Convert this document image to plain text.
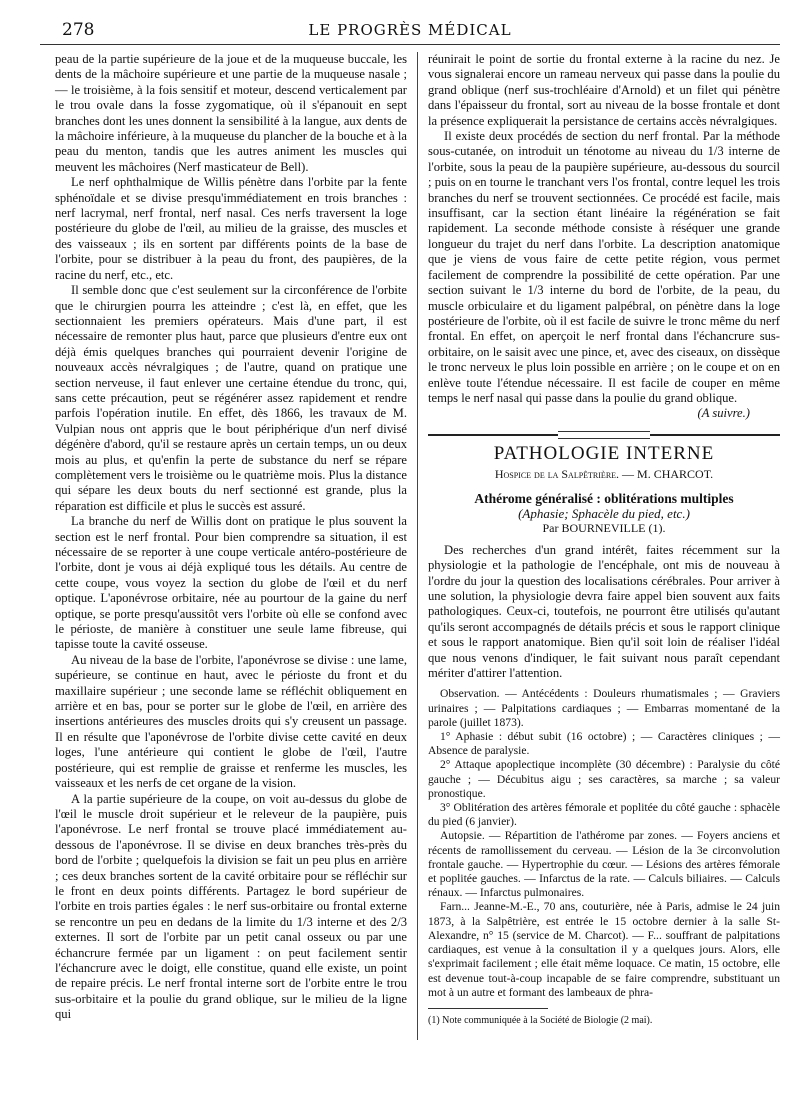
278	LE PROGRÈS MÉDICAL

peau de la partie supérieure de la joue et de la muqueuse buccale, les dents de la mâchoire supérieure et une partie de la muqueuse nasale ; — le troisième, à la fois sensitif et moteur, descend verticalement par le trou ovale dans la fosse zygomatique, où il s'épanouit en sept branches dont les unes donnent la sensibilité à la langue, aux dents de la mâchoire inférieure, à la muqueuse du plancher de la bouche et à la peau du menton, tandis que les autres animent les muscles qui meuvent les mâchoires (Nerf masticateur de Bell).

Le nerf ophthalmique de Willis pénètre dans l'orbite par la fente sphénoïdale et se divise presqu'immédiatement en trois branches : nerf lacrymal, nerf frontal, nerf nasal. Ces nerfs traversent la loge postérieure du globe de l'œil, au milieu de la graisse, des muscles et des vaisseaux ; ils en sortent par différents points de la base de l'orbite, pour se distribuer à la peau du front, des paupières, de la racine du nerf, etc., etc.

Il semble donc que c'est seulement sur la circonférence de l'orbite que le chirurgien pourra les atteindre ; c'est là, en effet, que les sectionnaient les premiers opérateurs. Mais d'une part, il est nécessaire de remonter plus haut, parce que plusieurs d'entre eux ont déjà émis quelques branches qui pourraient devenir l'origine de nouveaux accès névralgiques ; de l'autre, quand on pratique une section nerveuse, il faut enlever une certaine étendue du tronc, qui, sans cette précaution, peut se régénérer assez rapidement et rendre parfois l'opération inutile. En effet, dès 1866, les travaux de M. Vulpian nous ont appris que le bout périphérique d'un nerf divisé dégénère d'abord, qu'il se restaure après un certain temps, un ou deux mois au plus, et qu'enfin la perte de substance du nerf se répare complètement vers le troisième ou le quatrième mois. Plus la distance qui sépare les deux bouts du nerf sectionné est grande, plus la réparation est difficile et plus le succès est assuré.

La branche du nerf de Willis dont on pratique le plus souvent la section est le nerf frontal. Pour bien comprendre sa situation, il est nécessaire de se reporter à une coupe verticale antéro-postérieure de l'orbite, dont je vous ai déjà expliqué tous les détails. Au centre de cette coupe, vous voyez la section du globe de l'œil et du nerf optique. L'aponévrose orbitaire, née au pourtour de la gaine du nerf optique, se porte presqu'aussitôt vers l'orbite où elle se confond avec le périoste, de manière à constituer une seule lame fibreuse, qui tapisse toute la cavité osseuse.

Au niveau de la base de l'orbite, l'aponévrose se divise : une lame, supérieure, se continue en haut, avec le périoste du front et du maxillaire supérieur ; une seconde lame se réfléchit obliquement en arrière et en bas, pour se porter sur le globe de l'œil, en arrière des insertions antérieures des muscles droits qui s'y creusent un passage. Il en résulte que l'aponévrose de l'orbite divise cette cavité en deux loges, l'une antérieure qui contient le globe de l'œil, l'autre postérieure, qui est remplie de graisse et renferme les muscles, les vaisseaux et les nerfs de cet organe de la vision.

A la partie supérieure de la coupe, on voit au-dessus du globe de l'œil le muscle droit supérieur et le releveur de la paupière, puis l'aponévrose. Le nerf frontal se trouve placé immédiatement au-dessous de l'aponévrose. Il se divise en deux branches très-près du bord de l'orbite ; quelquefois la division se fait un peu plus en arrière ; ces deux branches sortent de la cavité orbitaire pour se réfléchir sur le front en deux points différents. Partagez le bord supérieur de l'orbite en trois parties égales : le nerf sus-orbitaire ou frontal externe se rencontre un peu en dedans de la limite du 1/3 interne et des 2/3 externes. Il sort de l'orbite par un petit canal osseux ou par une échancrure fermée par un ligament : on peut facilement sentir l'échancrure avec le doigt, elle constitue, quand elle existe, un point de repaire précis. Le nerf frontal interne sort de l'orbite entre le trou sus-orbitaire et la poulie du grand oblique, sur le milieu de la ligne qui

réunirait le point de sortie du frontal externe à la racine du nez. Je vous signalerai encore un rameau nerveux qui passe dans la poulie du grand oblique (nerf sus-trochléaire d'Arnold) et un filet qui pénètre dans l'épaisseur du frontal, sort au niveau de la bosse frontale et dont la présence expliquerait la persistance de certains accès névralgiques.

Il existe deux procédés de section du nerf frontal. Par la méthode sous-cutanée, on introduit un ténotome au niveau du 1/3 interne de l'orbite, sous la peau de la paupière supérieure, au-dessous du sourcil ; puis on en tourne le tranchant vers l'os frontal, contre lequel les trois branches du nerf se trouvent sectionnées. Ce procédé est facile, mais insuffisant, car la section étant linéaire la régénération se fait rapidement. La seconde méthode consiste à réséquer une grande longueur du trajet du nerf dans l'orbite. La description anatomique que je viens de vous faire de cette petite région, vous permet facilement de comprendre la possibilité de cette opération. Par une section suivant le 1/3 interne du bord de l'orbite, de la peau, du muscle orbiculaire et du ligament palpébral, on pénètre dans la loge postérieure de l'orbite, où il est facile de suivre le tronc même du nerf frontal. En effet, on aperçoit le nerf frontal dans l'échancrure sus-orbitaire, on le saisit avec une pince, et, avec des ciseaux, on dissèque le tronc nerveux le plus loin possible en arrière ; on le coupe et on en enlève toute l'étendue nécessaire. Il est facile de couper en même temps le nerf nasal qui passe dans la poulie du grand oblique.

(A suivre.)

PATHOLOGIE INTERNE
Hospice de la Salpêtrière. — M. CHARCOT.
Athérome généralisé : oblitérations multiples
(Aphasie; Sphacèle du pied, etc.)
Par BOURNEVILLE (1).

Des recherches d'un grand intérêt, faites récemment sur la physiologie et la pathologie de l'encéphale, ont mis de nouveau à l'ordre du jour la question des localisations cérébrales. Pour arriver à une solution, la physiologie devra faire appel bien souvent aux faits pathologiques. Ceux-ci, toutefois, ne pourront être utilisés qu'autant qu'ils seront accompagnés de détails précis et sous le rapport clinique et sous le rapport anatomique. Bien qu'il soit loin de réaliser l'idéal que nous venons d'indiquer, le fait suivant nous paraît cependant mériter d'attirer l'attention.

Observation. — Antécédents : Douleurs rhumatismales ; — Graviers urinaires ; — Palpitations cardiaques ; — Embarras momentané de la parole (juillet 1873).

1° Aphasie : début subit (16 octobre) ; — Caractères cliniques ; — Absence de paralysie.

2° Attaque apoplectique incomplète (30 décembre) : Paralysie du côté gauche ; — Décubitus aigu ; ses caractères, sa marche ; sa valeur pronostique.

3° Oblitération des artères fémorale et poplitée du côté gauche : sphacèle du pied (6 janvier).

Autopsie. — Répartition de l'athérome par zones. — Foyers anciens et récents de ramollissement du cerveau. — Lésion de la 3e circonvolution frontale gauche. — Hypertrophie du cœur. — Lésions des artères fémorale et poplitée gauches. — Infarctus de la rate. — Calculs biliaires. — Calculs rénaux. — Infarctus pulmonaires.

Farn... Jeanne-M.-E., 70 ans, couturière, née à Paris, admise le 24 juin 1873, à la Salpêtrière, est entrée le 15 octobre dernier à la salle St-Alexandre, n° 15 (service de M. Charcot). — F... souffrant de palpitations cardiaques, est venue à la consultation il y a quelques jours. Alors, elle s'exprimait facilement ; elle était même loquace. Ce matin, 15 octobre, elle est devenue tout-à-coup incapable de se faire comprendre, substituant un mot à un autre et formant des lambeaux de phra-

(1) Note communiquée à la Société de Biologie (2 mai).
